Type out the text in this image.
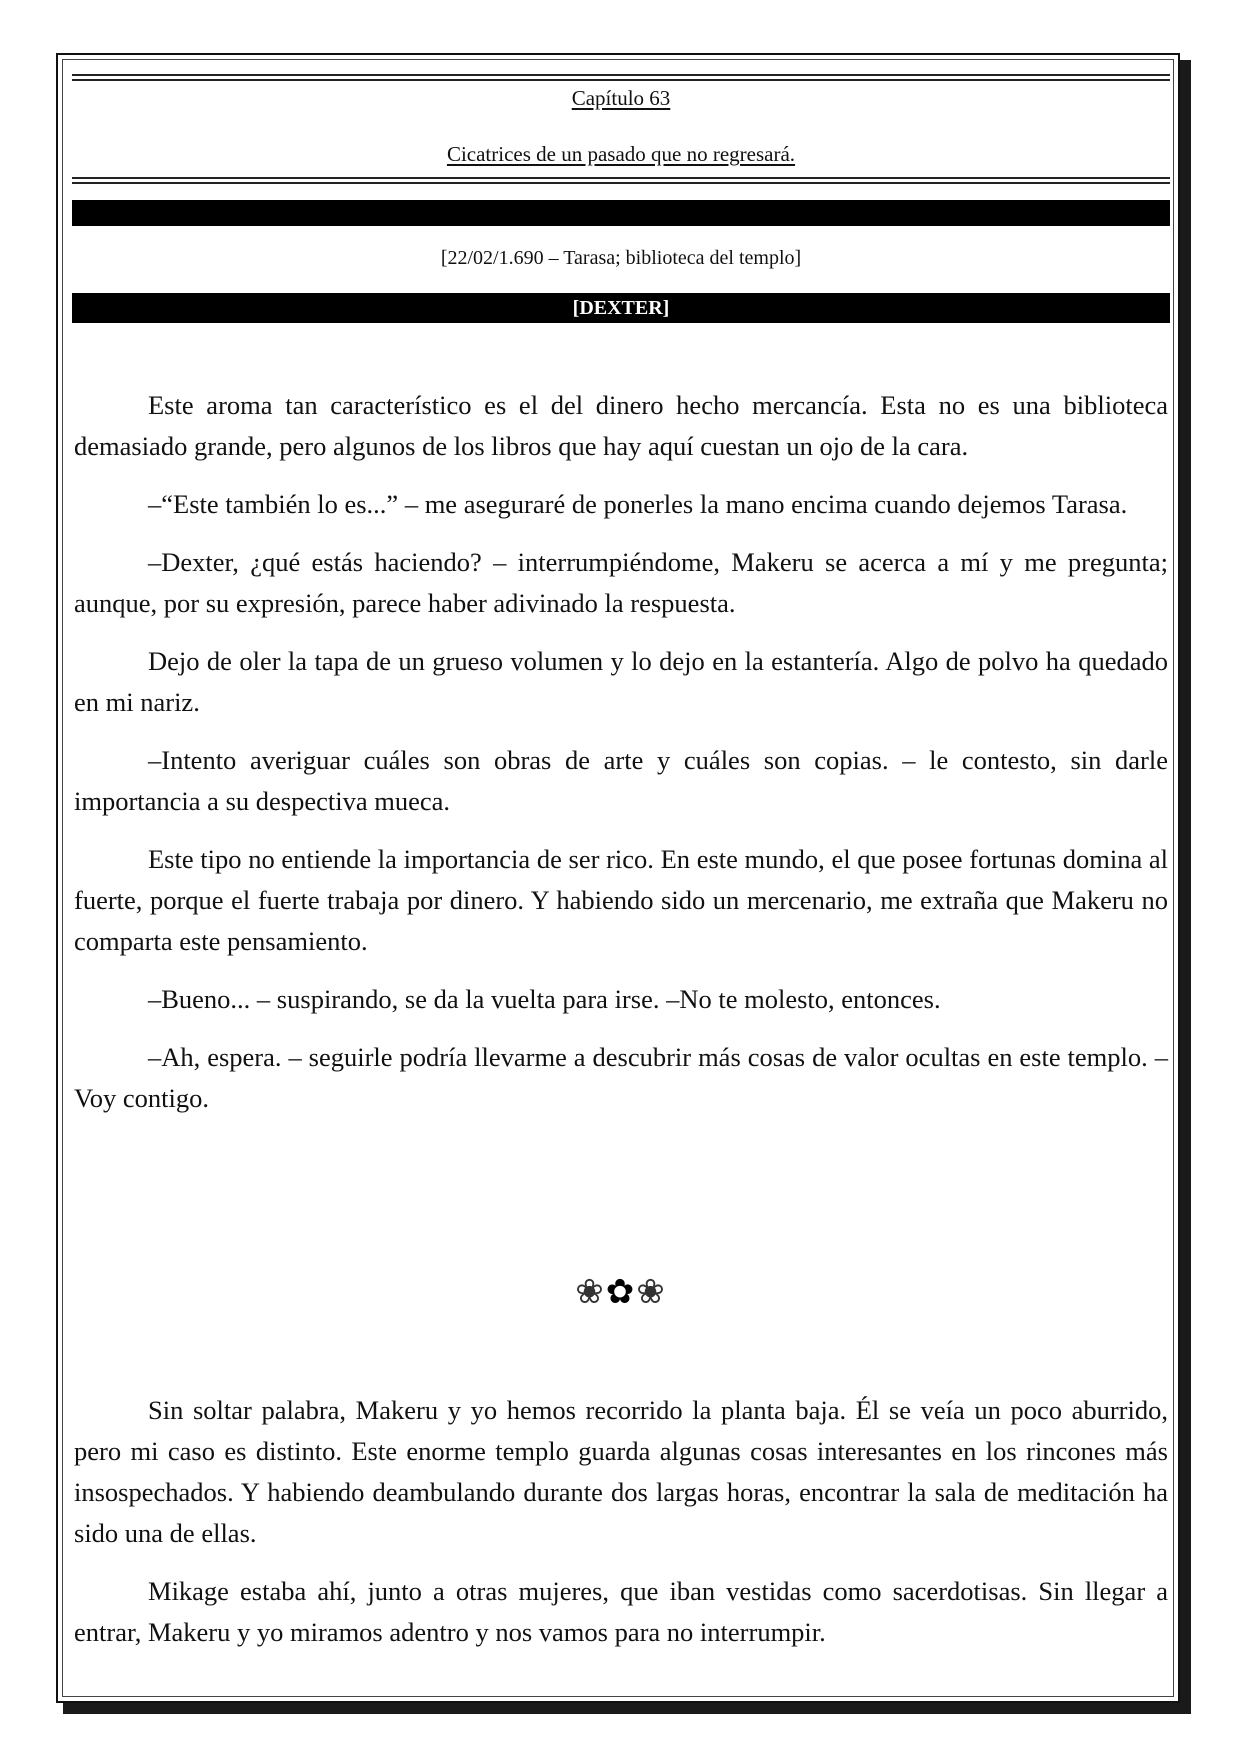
Capítulo 63
Cicatrices de un pasado que no regresará.
[22/02/1.690 – Tarasa; biblioteca del templo]
[DEXTER]

Este aroma tan característico es el del dinero hecho mercancía. Esta no es una biblioteca demasiado grande, pero algunos de los libros que hay aquí cuestan un ojo de la cara.

–“Este también lo es...” – me aseguraré de ponerles la mano encima cuando dejemos Tarasa.

–Dexter, ¿qué estás haciendo? – interrumpiéndome, Makeru se acerca a mí y me pregunta; aunque, por su expresión, parece haber adivinado la respuesta.

Dejo de oler la tapa de un grueso volumen y lo dejo en la estantería. Algo de polvo ha quedado en mi nariz.

–Intento averiguar cuáles son obras de arte y cuáles son copias. – le contesto, sin darle importancia a su despectiva mueca.

Este tipo no entiende la importancia de ser rico. En este mundo, el que posee fortunas domina al fuerte, porque el fuerte trabaja por dinero. Y habiendo sido un mercenario, me extraña que Makeru no comparta este pensamiento.

–Bueno... – suspirando, se da la vuelta para irse. –No te molesto, entonces.

–Ah, espera. – seguirle podría llevarme a descubrir más cosas de valor ocultas en este templo. –Voy contigo.

❀✿❀

Sin soltar palabra, Makeru y yo hemos recorrido la planta baja. Él se veía un poco aburrido, pero mi caso es distinto. Este enorme templo guarda algunas cosas interesantes en los rincones más insospechados. Y habiendo deambulando durante dos largas horas, encontrar la sala de meditación ha sido una de ellas.

Mikage estaba ahí, junto a otras mujeres, que iban vestidas como sacerdotisas. Sin llegar a entrar, Makeru y yo miramos adentro y nos vamos para no interrumpir.
